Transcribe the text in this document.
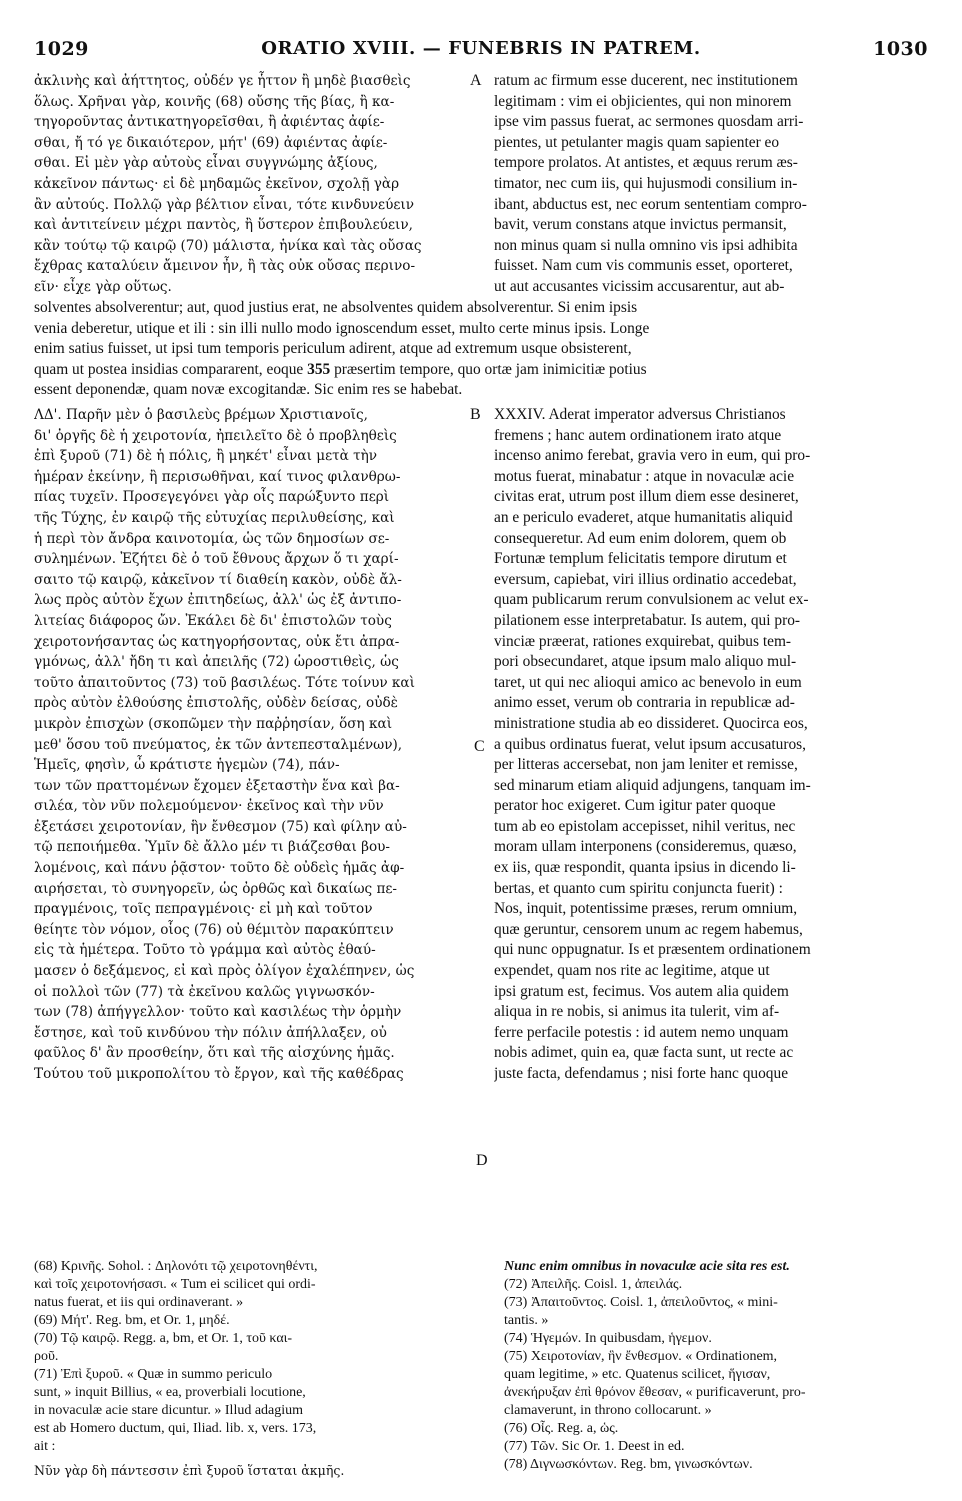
1029	ORATIO XVIII. — FUNEBRIS IN PATREM.	1030
ἀκλινὴς καὶ ἀήττητος, οὐδέν γε ἧττον ἢ μηδὲ βιασθεὶς
ὅλως. Χρῆναι γὰρ, κοινῆς (68) οὔσης τῆς βίας, ἢ κα-
τηγοροῦντας ἀντικατηγορεῖσθαι, ἢ ἀφιέντας ἀφίε-
σθαι, ἤ τό γε δικαιότερον, μήτ' (69) ἀφιέντας ἀφίε-
σθαι. Εἰ μὲν γὰρ αὐτοὺς εἶναι συγγνώμης ἀξίους,
κἀκεῖνον πάντως· εἰ δὲ μηδαμῶς ἐκεῖνον, σχολῇ γὰρ
ἂν αὐτούς. Πολλῷ γὰρ βέλτιον εἶναι, τότε κινδυνεύειν
καὶ ἀντιτείνειν μέχρι παντὸς, ἢ ὕστερον ἐπιβουλεύειν,
κἂν τούτῳ τῷ καιρῷ (70) μάλιστα, ἡνίκα καὶ τὰς οὔσας
ἔχθρας καταλύειν ἄμεινον ἦν, ἢ τὰς οὐκ οὔσας περινο-
εῖν· εἶχε γὰρ οὕτως.
A ratum ac firmum esse ducerent, nec institutionem
legitimam : vim ei objicientes, qui non minorem
ipse vim passus fuerat, ac sermones quosdam arri-
pientes, ut petulanter magis quam sapienter eo
tempore prolatos. At antistes, et æquus rerum æs-
timator, nec cum iis, qui hujusmodi consilium in-
ibant, abductus est, nec eorum sententiam compro-
bavit, verum constans atque invictus permansit,
non minus quam si nulla omnino vis ipsi adhibita
fuisset. Nam cum vis communis esset, oporteret,
ut aut accusantes vicissim accusarentur, aut ab-
solventes absolverentur; aut, quod justius erat, ne absolventes quidem absolverentur. Si enim ipsis
venia deberetur, utique et ili : sin illi nullo modo ignoscendum esset, multo certe minus ipsis. Longe
enim satius fuisset, ut ipsi tum temporis periculum adirent, atque ad extremum usque obsisterent,
quam ut postea insidias compararent, eoque 355 præsertim tempore, quo ortæ jam inimicitiæ potius
essent deponendæ, quam novæ excogitandæ. Sic enim res se habebat.
ΛΔ'. Παρῆν μὲν ὁ βασιλεὺς βρέμων Χριστιανοῖς,
δι' ὀργῆς δὲ ἡ χειροτονία, ἠπειλεῖτο δὲ ὁ προβληθεὶς
ἐπὶ ξυροῦ (71) δὲ ἡ πόλις, ἢ μηκέτ' εἶναι μετὰ τὴν
ἡμέραν ἐκείνην, ἢ περισωθῆναι, καί τινος φιλανθρω-
πίας τυχεῖν. Προσεγεγόνει γὰρ οἷς παρώξυντο περὶ
τῆς Τύχης, ἐν καιρῷ τῆς εὐτυχίας περιλυθείσης, καὶ
ἡ περὶ τὸν ἄνδρα καινοτομία, ὡς τῶν δημοσίων σε-
συλημένων. Ἐζήτει δὲ ὁ τοῦ ἔθνους ἄρχων ὅ τι χαρί-
σαιτο τῷ καιρῷ, κἀκεῖνον τί διαθείη κακὸν, οὐδὲ ἄλ-
λως πρὸς αὐτὸν ἔχων ἐπιτηδείως, ἀλλ' ὡς ἐξ ἀντιπο-
λιτείας διάφορος ὤν. Ἐκάλει δὲ δι' ἐπιστολῶν τοὺς
χειροτονήσαντας ὡς κατηγορήσοντας, οὐκ ἔτι ἀπρα-
γμόνως, ἀλλ' ἤδη τι καὶ ἀπειλῆς (72) ὡροστιθεὶς, ὡς
τοῦτο ἀπαιτοῦντος (73) τοῦ βασιλέως. Τότε τοίνυν καὶ
πρὸς αὐτὸν ἐλθούσης ἐπιστολῆς, οὐδὲν δείσας, οὐδὲ
μικρὸν ἐπισχὼν (σκοπῶμεν τὴν παῤῥησίαν, ὅση καὶ
μεθ' ὅσου τοῦ πνεύματος, ἐκ τῶν ἀντεπεσταλμένων),
Ἡμεῖς, φησὶν, ὦ κράτιστε ἡγεμὼν (74), πάν-
των τῶν πραττομένων ἔχομεν ἐξεταστὴν ἕνα καὶ βα-
σιλέα, τὸν νῦν πολεμούμενον· ἐκεῖνος καὶ τὴν νῦν
ἐξετάσει χειροτονίαν, ἣν ἔνθεσμον (75) καὶ φίλην αὐ-
τῷ πεποιήμεθα. Ὑμῖν δὲ ἄλλο μέν τι βιάζεσθαι βου-
λομένοις, καὶ πάνυ ῥᾷστον· τοῦτο δὲ οὐδεὶς ἡμᾶς ἀφ-
αιρήσεται, τὸ συνηγορεῖν, ὡς ὀρθῶς καὶ δικαίως πε-
πραγμένοις, τοῖς πεπραγμένοις· εἰ μὴ καὶ τοῦτον
θείητε τὸν νόμον, οἷος (76) οὐ θέμιτὸν παρακύπτειν
εἰς τὰ ἡμέτερα. Τοῦτο τὸ γράμμα καὶ αὐτὸς ἐθαύ-
μασεν ὁ δεξάμενος, εἰ καὶ πρὸς ὀλίγον ἐχαλέπηνεν, ὡς
οἱ πολλοὶ τῶν (77) τὰ ἐκεῖνου καλῶς γιγνωσκόν-
των (78) ἀπήγγελλον· τοῦτο καὶ κασιλέως τὴν ὁρμὴν
ἔστησε, καὶ τοῦ κινδύνου τὴν πόλιν ἀπήλλαξεν, οὐ
φαῦλος δ' ἂν προσθείην, ὅτι καὶ τῆς αἰσχύνης ἡμᾶς.
Τούτου τοῦ μικροπολίτου τὸ ἔργον, καὶ τῆς καθέδρας
B
C
D
XXXIV. Aderat imperator adversus Christianos
fremens ; hanc autem ordinationem irato atque
incenso animo ferebat, gravia vero in eum, qui pro-
motus fuerat, minabatur : atque in novaculæ acie
civitas erat, utrum post illum diem esse desineret,
an e periculo evaderet, atque humanitatis aliquid
consequeretur. Ad eum enim dolorem, quem ob
Fortunæ templum felicitatis tempore dirutum et
eversum, capiebat, viri illius ordinatio accedebat,
quam publicarum rerum convulsionem ac velut ex-
pilationem esse interpretabatur. Is autem, qui pro-
vinciæ præerat, rationes exquirebat, quibus tem-
pori obsecundaret, atque ipsum malo aliquo mul-
taret, ut qui nec alioqui amico ac benevolo in eum
animo esset, verum ob contraria in republicæ ad-
ministratione studia ab eo dissideret. Quocirca eos,
a quibus ordinatus fuerat, velut ipsum accusaturos,
per litteras accersebat, non jam leniter et remisse,
sed minarum etiam aliquid adjungens, tanquam im-
perator hoc exigeret. Cum igitur pater quoque
tum ab eo epistolam accepisset, nihil veritus, nec
moram ullam interponens (consideremus, quæso,
ex iis, quæ respondit, quanta ipsius in dicendo li-
bertas, et quanto cum spiritu conjuncta fuerit) :
Nos, inquit, potentissime præses, rerum omnium,
quæ geruntur, censorem unum ac regem habemus,
qui nunc oppugnatur. Is et præsentem ordinationem
expendet, quam nos rite ac legitime, atque ut
ipsi gratum est, fecimus. Vos autem alia quidem
aliqua in re nobis, si animus ita tulerit, vim af-
ferre perfacile potestis : id autem nemo unquam
nobis adimet, quin ea, quæ facta sunt, ut recte ac
juste facta, defendamus ; nisi forte hanc quoque
(68) Κρινῆς. Sohol. : Δηλονότι τῷ χειροτονηθέντι,
καὶ τοῖς χειροτονήσασι. « Tum ei scilicet qui ordi-
natus fuerat, et iis qui ordinaverant. »
(69) Μήτ'. Reg. bm, et Or. 1, μηδέ.
(70) Τῷ καιρῷ. Regg. a, bm, et Or. 1, τοῦ και-
ροῦ.
(71) Ἐπὶ ξυροῦ. « Quæ in summo periculo
sunt, » inquit Billius, « ea, proverbiali locutione,
in novaculæ acie stare dicuntur. » Illud adagium
est ab Homero ductum, qui, Iliad. lib. x, vers. 173,
ait :
Νῦν γὰρ δὴ πάντεσσιν ἐπὶ ξυροῦ ἵσταται ἀκμῆς.
Nunc enim omnibus in novaculæ acie sita res est.
(72) Ἀπειλῆς. Coisl. 1, ἀπειλάς.
(73) Ἀπαιτοῦντος. Coisl. 1, ἀπειλοῦντος, « mini-
tantis. »
(74) Ἡγεμών. In quibusdam, ἡγεμον.
(75) Χειροτονίαν, ἣν ἔνθεσμον. « Ordinationem,
quam legitime, » etc. Quatenus scilicet, ἥγισαν,
ἀνεκήρυξαν ἐπὶ θρόνον ἔθεσαν, « purificaverunt, pro-
clamaverunt, in throno collocarunt. »
(76) Οἷς. Reg. a, ὡς.
(77) Τῶν. Sic Or. 1. Deest in ed.
(78) Διγνωσκόντων. Reg. bm, γινωσκόντων.
